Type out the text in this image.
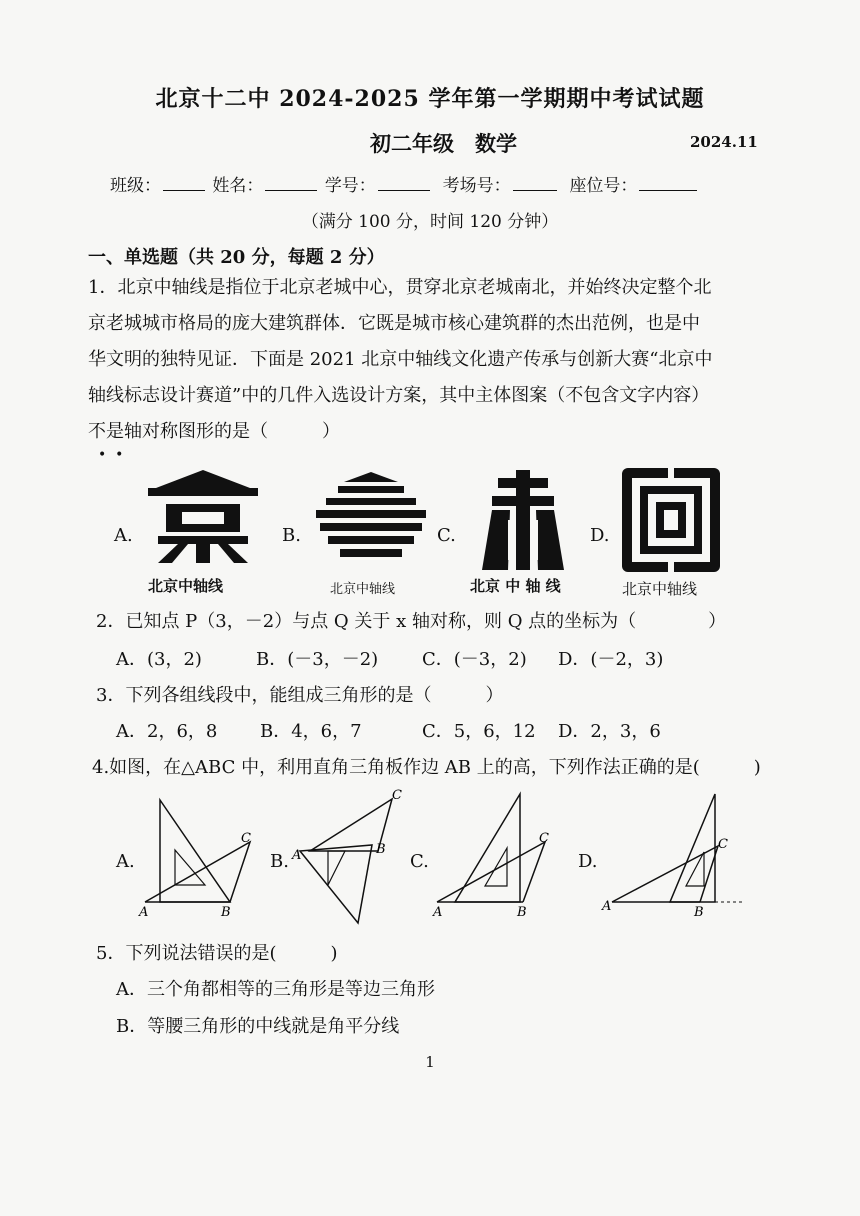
北京十二中 2024-2025 学年第一学期期中考试试题
初二年级　数学	2024.11
班级：	姓名：	学号：	考场号：	座位号：
（满分 100 分，时间 120 分钟）
一、单选题（共 20 分，每题 2 分）
1．北京中轴线是指位于北京老城中心，贯穿北京老城南北，并始终决定整个北
京老城城市格局的庞大建筑群体．它既是城市核心建筑群的杰出范例，也是中
华文明的独特见证．下面是 2021 北京中轴线文化遗产传承与创新大赛“北京中
轴线标志设计赛道”中的几件入选设计方案，其中主体图案（不包含文字内容）
不是轴对称图形的是（　　　）
•  •
A.	B.	C.	D.
北京中轴线	北京中轴线	北京 中 轴 线	北京中轴线
2．已知点 P（3，－2）与点 Q 关于 x 轴对称，则 Q 点的坐标为（　　　　）
A．(3，2)	B．(－3，－2) C．(－3，2) D．(－2，3)
3．下列各组线段中，能组成三角形的是（　　　）
A．2，6，8 B．4，6，7	C．5，6，12 D．2，3，6
4.如图，在△ABC 中，利用直角三角板作边 AB 上的高，下列作法正确的是(　　　)
A.	B.	C.	D.
A	B
C
A	B
C
A	B
C
A	B
C
5．下列说法错误的是(　　　)
A．三个角都相等的三角形是等边三角形
B．等腰三角形的中线就是角平分线
1
